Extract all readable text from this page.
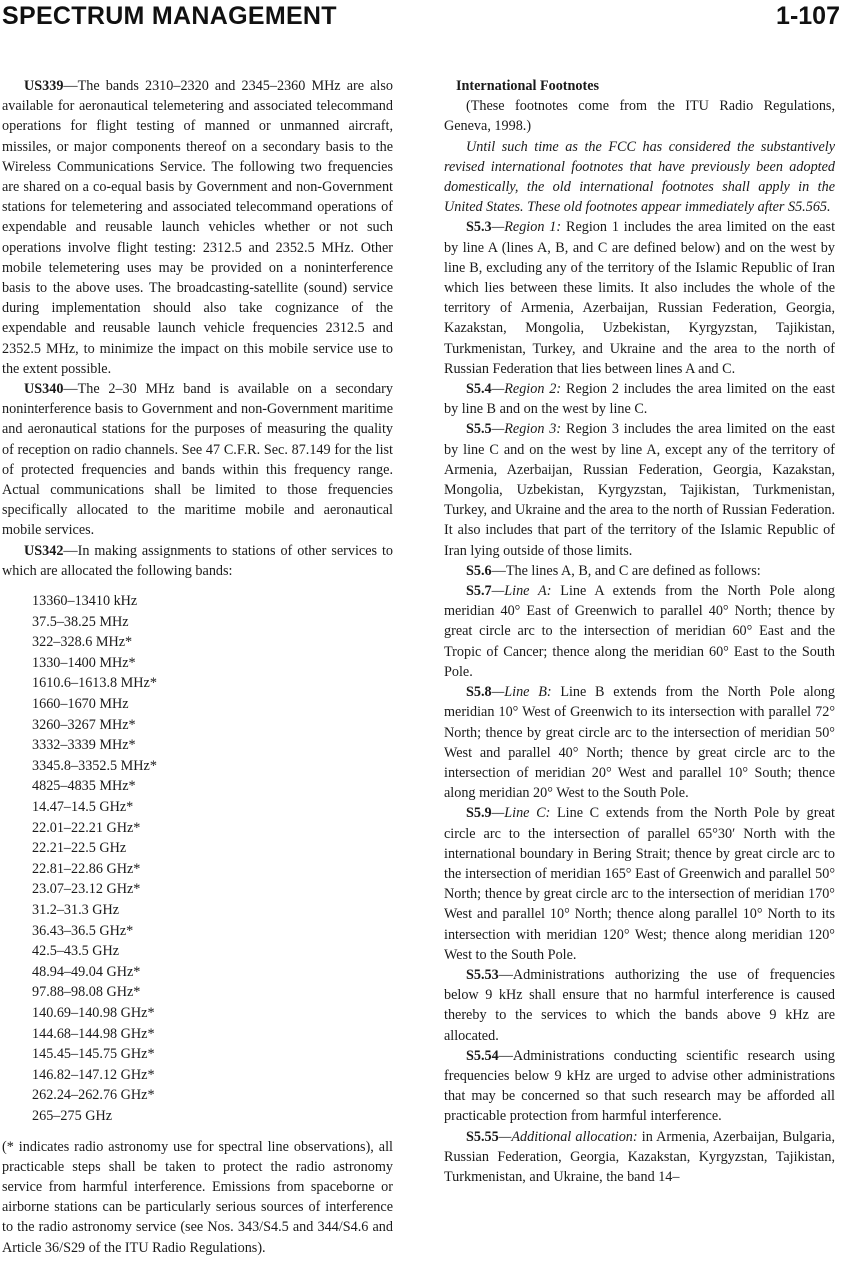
SPECTRUM MANAGEMENT	1-107

US339—The bands 2310–2320 and 2345–2360 MHz are also available for aeronautical telemetering and associated telecommand operations for flight testing of manned or unmanned aircraft, missiles, or major components thereof on a secondary basis to the Wireless Communications Service. The following two frequencies are shared on a co-equal basis by Government and non-Government stations for telemetering and associated telecommand operations of expendable and reusable launch vehicles whether or not such operations involve flight testing: 2312.5 and 2352.5 MHz. Other mobile telemetering uses may be provided on a noninterference basis to the above uses. The broadcasting-satellite (sound) service during implementation should also take cognizance of the expendable and reusable launch vehicle frequencies 2312.5 and 2352.5 MHz, to minimize the impact on this mobile service use to the extent possible.

US340—The 2–30 MHz band is available on a secondary noninterference basis to Government and non-Government maritime and aeronautical stations for the purposes of measuring the quality of reception on radio channels. See 47 C.F.R. Sec. 87.149 for the list of protected frequencies and bands within this frequency range. Actual communications shall be limited to those frequencies specifically allocated to the maritime mobile and aeronautical mobile services.

US342—In making assignments to stations of other services to which are allocated the following bands:

13360–13410 kHz
37.5–38.25 MHz
322–328.6 MHz*
1330–1400 MHz*
1610.6–1613.8 MHz*
1660–1670 MHz
3260–3267 MHz*
3332–3339 MHz*
3345.8–3352.5 MHz*
4825–4835 MHz*
14.47–14.5 GHz*
22.01–22.21 GHz*
22.21–22.5 GHz
22.81–22.86 GHz*
23.07–23.12 GHz*
31.2–31.3 GHz
36.43–36.5 GHz*
42.5–43.5 GHz
48.94–49.04 GHz*
97.88–98.08 GHz*
140.69–140.98 GHz*
144.68–144.98 GHz*
145.45–145.75 GHz*
146.82–147.12 GHz*
262.24–262.76 GHz*
265–275 GHz

(* indicates radio astronomy use for spectral line observations), all practicable steps shall be taken to protect the radio astronomy service from harmful interference. Emissions from spaceborne or airborne stations can be particularly serious sources of interference to the radio astronomy service (see Nos. 343/S4.5 and 344/S4.6 and Article 36/S29 of the ITU Radio Regulations).

International Footnotes

(These footnotes come from the ITU Radio Regulations, Geneva, 1998.)

Until such time as the FCC has considered the substantively revised international footnotes that have previously been adopted domestically, the old international footnotes shall apply in the United States. These old footnotes appear immediately after S5.565.

S5.3—Region 1: Region 1 includes the area limited on the east by line A (lines A, B, and C are defined below) and on the west by line B, excluding any of the territory of the Islamic Republic of Iran which lies between these limits. It also includes the whole of the territory of Armenia, Azerbaijan, Russian Federation, Georgia, Kazakstan, Mongolia, Uzbekistan, Kyrgyzstan, Tajikistan, Turkmenistan, Turkey, and Ukraine and the area to the north of Russian Federation that lies between lines A and C.

S5.4—Region 2: Region 2 includes the area limited on the east by line B and on the west by line C.

S5.5—Region 3: Region 3 includes the area limited on the east by line C and on the west by line A, except any of the territory of Armenia, Azerbaijan, Russian Federation, Georgia, Kazakstan, Mongolia, Uzbekistan, Kyrgyzstan, Tajikistan, Turkmenistan, Turkey, and Ukraine and the area to the north of Russian Federation. It also includes that part of the territory of the Islamic Republic of Iran lying outside of those limits.

S5.6—The lines A, B, and C are defined as follows:

S5.7—Line A: Line A extends from the North Pole along meridian 40° East of Greenwich to parallel 40° North; thence by great circle arc to the intersection of meridian 60° East and the Tropic of Cancer; thence along the meridian 60° East to the South Pole.

S5.8—Line B: Line B extends from the North Pole along meridian 10° West of Greenwich to its intersection with parallel 72° North; thence by great circle arc to the intersection of meridian 50° West and parallel 40° North; thence by great circle arc to the intersection of meridian 20° West and parallel 10° South; thence along meridian 20° West to the South Pole.

S5.9—Line C: Line C extends from the North Pole by great circle arc to the intersection of parallel 65°30′ North with the international boundary in Bering Strait; thence by great circle arc to the intersection of meridian 165° East of Greenwich and parallel 50° North; thence by great circle arc to the intersection of meridian 170° West and parallel 10° North; thence along parallel 10° North to its intersection with meridian 120° West; thence along meridian 120° West to the South Pole.

S5.53—Administrations authorizing the use of frequencies below 9 kHz shall ensure that no harmful interference is caused thereby to the services to which the bands above 9 kHz are allocated.

S5.54—Administrations conducting scientific research using frequencies below 9 kHz are urged to advise other administrations that may be concerned so that such research may be afforded all practicable protection from harmful interference.

S5.55—Additional allocation: in Armenia, Azerbaijan, Bulgaria, Russian Federation, Georgia, Kazakstan, Kyrgyzstan, Tajikistan, Turkmenistan, and Ukraine, the band 14–
